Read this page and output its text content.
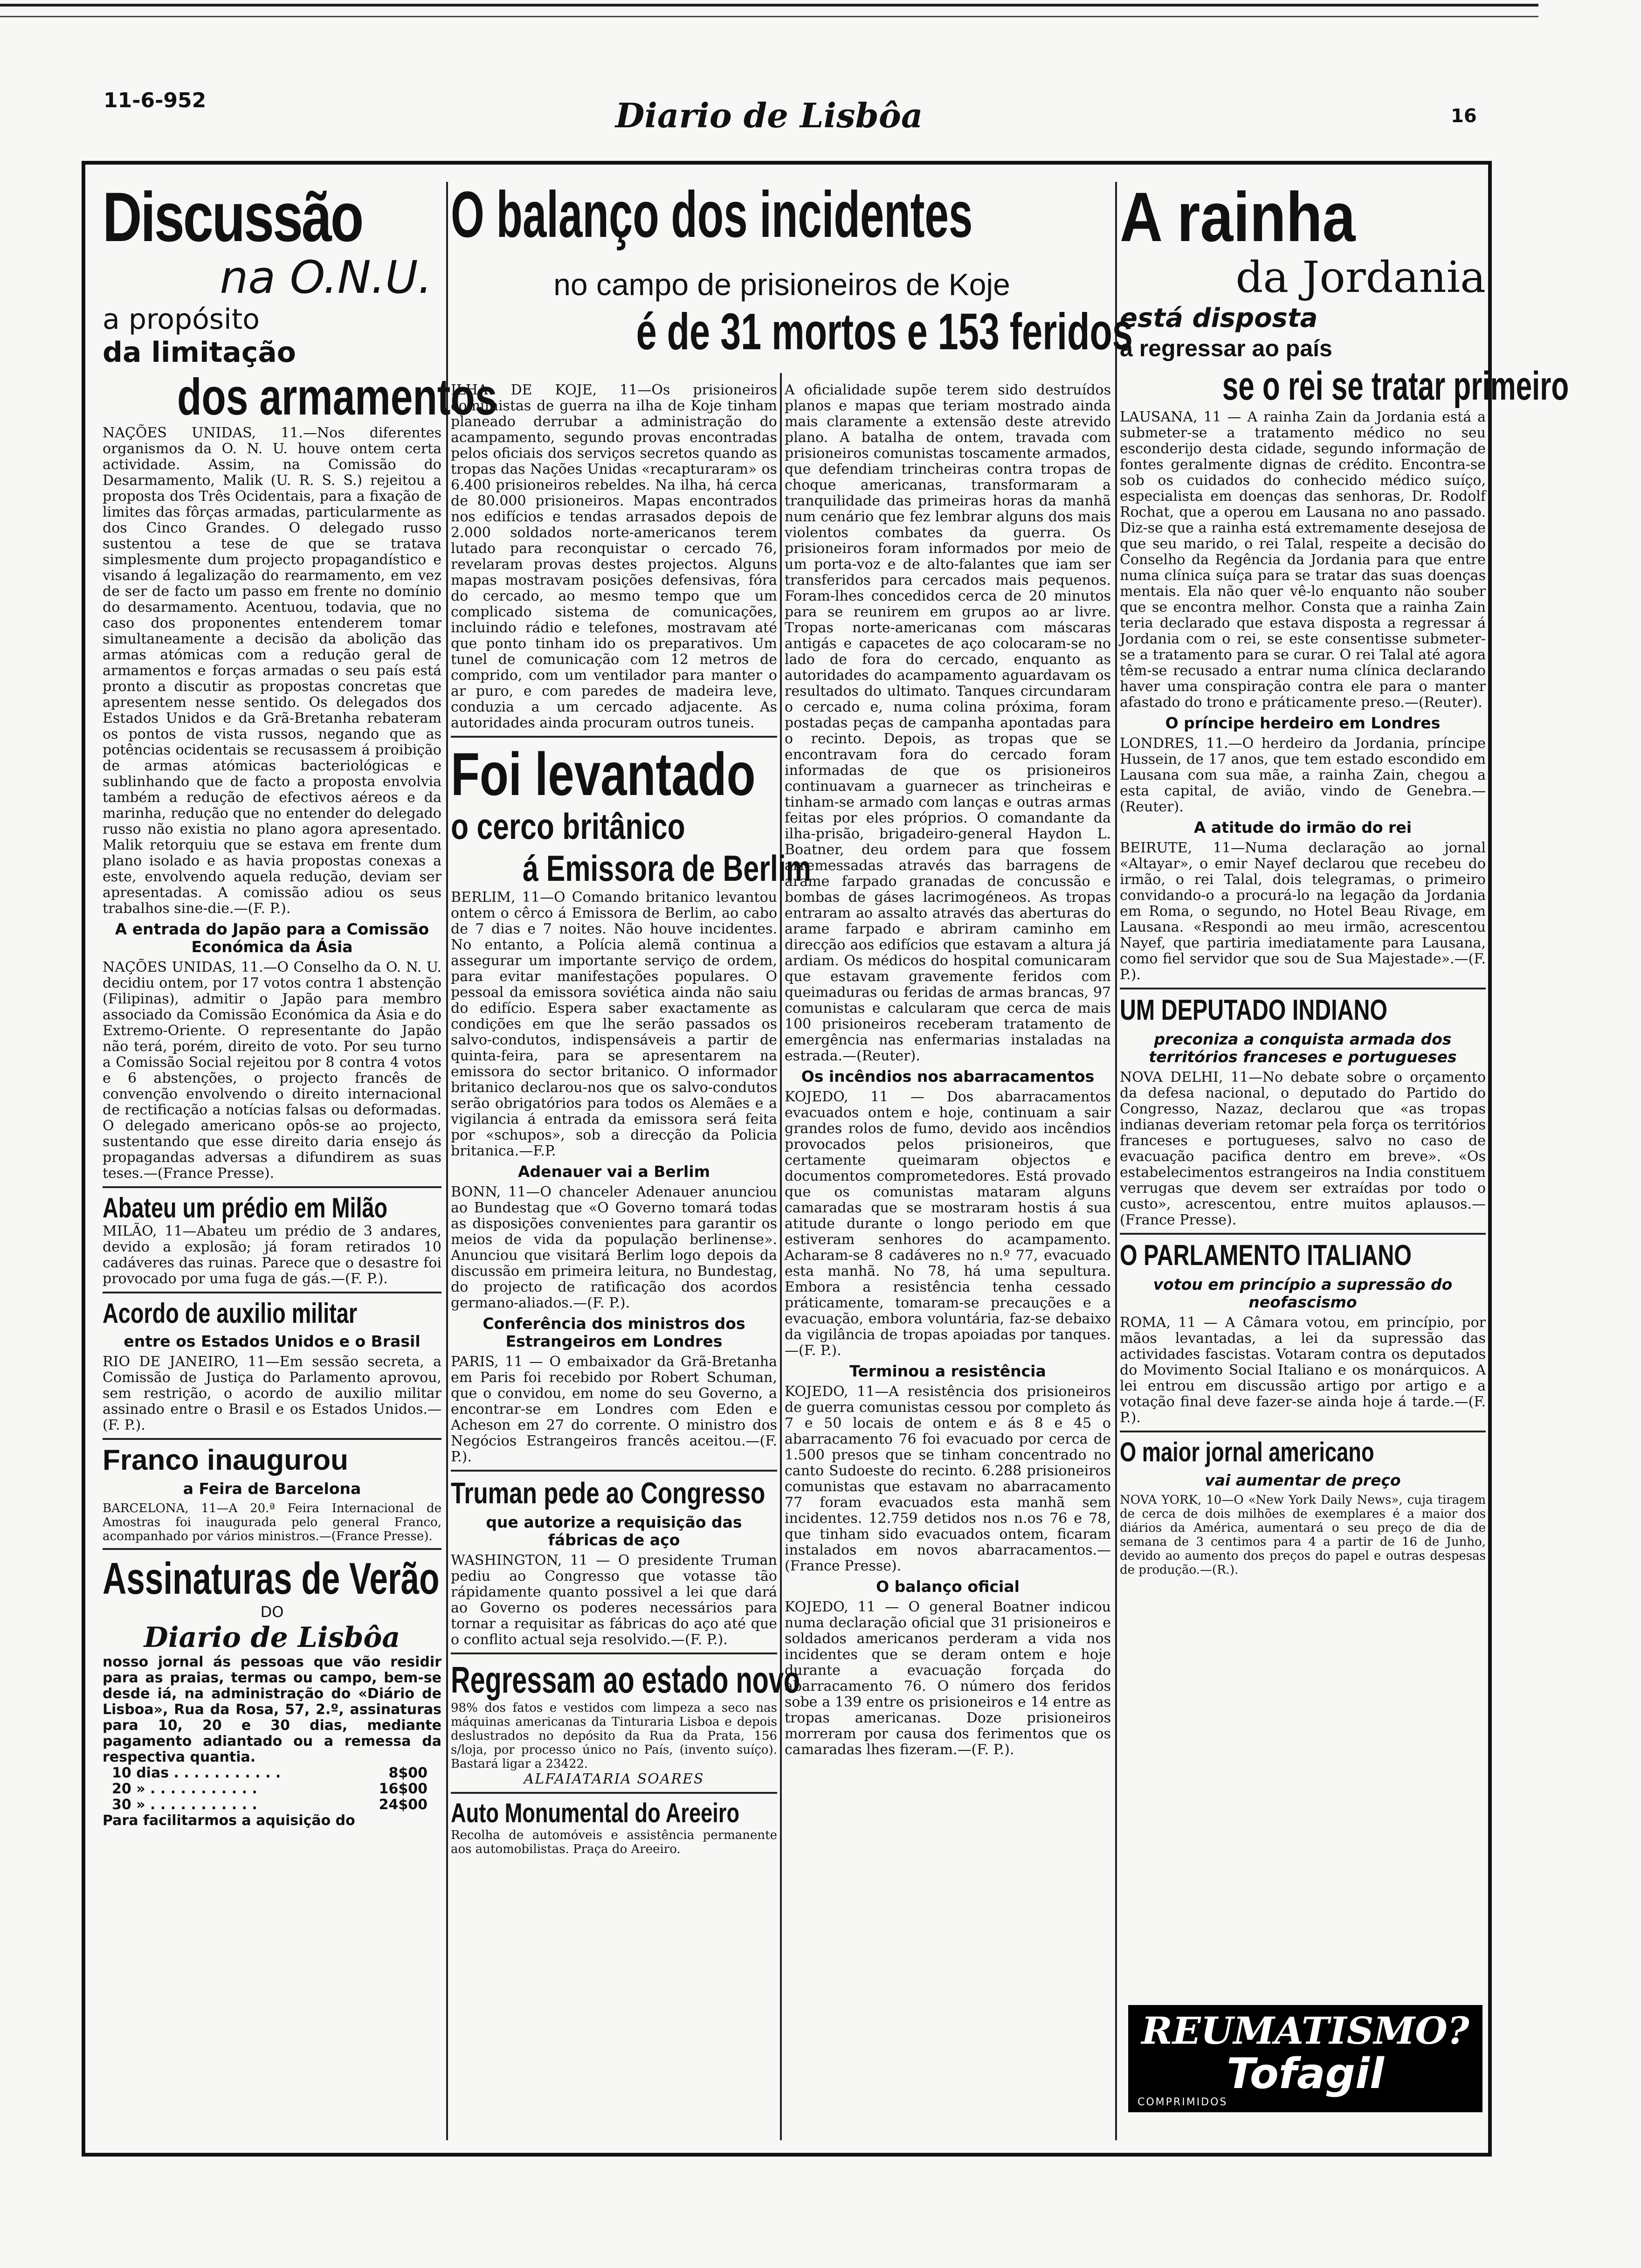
11-6-952	Diario de Lisbôa	16
Discussão
na O.N.U.
a propósito
da limitação
dos armamentos

NAÇÕES UNIDAS, 11.—Nos diferentes organismos da O. N. U. houve ontem certa actividade. Assim, na Comissão do Desarmamento, Malik (U. R. S. S.) rejeitou a proposta dos Três Ocidentais, para a fixação de limites das fôrças armadas, particularmente as dos Cinco Grandes. O delegado russo sustentou a tese de que se tratava simplesmente dum projecto propagandístico e visando á legalização do rearmamento, em vez de ser de facto um passo em frente no domínio do desarmamento. Acentuou, todavia, que no caso dos proponentes entenderem tomar simultaneamente a decisão da abolição das armas atómicas com a redução geral de armamentos e forças armadas o seu país está pronto a discutir as propostas concretas que apresentem nesse sentido. Os delegados dos Estados Unidos e da Grã-Bretanha rebateram os pontos de vista russos, negando que as potências ocidentais se recusassem á proibição de armas atómicas bacteriológicas e sublinhando que de facto a proposta envolvia também a redução de efectivos aéreos e da marinha, redução que no entender do delegado russo não existia no plano agora apresentado. Malik retorquiu que se estava em frente dum plano isolado e as havia propostas conexas a este, envolvendo aquela redução, deviam ser apresentadas. A comissão adiou os seus trabalhos sine-die.—(F. P.).

A entrada do Japão para a Comissão Económica da Ásia

NAÇÕES UNIDAS, 11.—O Conselho da O. N. U. decidiu ontem, por 17 votos contra 1 abstenção (Filipinas), admitir o Japão para membro associado da Comissão Económica da Ásia e do Extremo-Oriente. O representante do Japão não terá, porém, direito de voto. Por seu turno a Comissão Social rejeitou por 8 contra 4 votos e 6 abstenções, o projecto francês de convenção envolvendo o direito internacional de rectificação a notícias falsas ou deformadas. O delegado americano opôs-se ao projecto, sustentando que esse direito daria ensejo ás propagandas adversas a difundirem as suas teses.—(France Presse).

Abateu um prédio em Milão

MILÃO, 11—Abateu um prédio de 3 andares, devido a explosão; já foram retirados 10 cadáveres das ruinas. Parece que o desastre foi provocado por uma fuga de gás.—(F. P.).

Acordo de auxilio militar
entre os Estados Unidos e o Brasil

RIO DE JANEIRO, 11—Em sessão secreta, a Comissão de Justiça do Parlamento aprovou, sem restrição, o acordo de auxilio militar assinado entre o Brasil e os Estados Unidos.—(F. P.).

Franco inaugurou
a Feira de Barcelona

BARCELONA, 11—A 20.ª Feira Internacional de Amostras foi inaugurada pelo general Franco, acompanhado por vários ministros.—(France Presse).

Assinaturas de Verão
DO
Diario de Lisbôa

nosso jornal ás pessoas que vão residir para as praias, termas ou campo, bem-se desde iá, na administração do «Diário de Lisboa», Rua da Rosa, 57, 2.º, assinaturas para 10, 20 e 30 dias, mediante pagamento adiantado ou a remessa da respectiva quantia.

10 dias . . . . . . . . . . .	8$00
20 » . . . . . . . . . . .	16$00
30 » . . . . . . . . . . .	24$00
Para facilitarmos a aquisição do
O balanço dos incidentes
no campo de prisioneiros de Koje
é de 31 mortos e 153 feridos

ILHA DE KOJE, 11—Os prisioneiros comunistas de guerra na ilha de Koje tinham planeado derrubar a administração do acampamento, segundo provas encontradas pelos oficiais dos serviços secretos quando as tropas das Nações Unidas «recapturaram» os 6.400 prisioneiros rebeldes. Na ilha, há cerca de 80.000 prisioneiros. Mapas encontrados nos edifícios e tendas arrasados depois de 2.000 soldados norte-americanos terem lutado para reconquistar o cercado 76, revelaram provas destes projectos. Alguns mapas mostravam posições defensivas, fóra do cercado, ao mesmo tempo que um complicado sistema de comunicações, incluindo rádio e telefones, mostravam até que ponto tinham ido os preparativos. Um tunel de comunicação com 12 metros de comprido, com um ventilador para manter o ar puro, e com paredes de madeira leve, conduzia a um cercado adjacente. As autoridades ainda procuram outros tuneis.

Foi levantado
o cerco britânico
á Emissora de Berlim

BERLIM, 11—O Comando britanico levantou ontem o cêrco á Emissora de Berlim, ao cabo de 7 dias e 7 noites. Não houve incidentes. No entanto, a Polícia alemã continua a assegurar um importante serviço de ordem, para evitar manifestações populares. O pessoal da emissora soviética ainda não saiu do edifício. Espera saber exactamente as condições em que lhe serão passados os salvo-condutos, indispensáveis a partir de quinta-feira, para se apresentarem na emissora do sector britanico. O informador britanico declarou-nos que os salvo-condutos serão obrigatórios para todos os Alemães e a vigilancia á entrada da emissora será feita por «schupos», sob a direcção da Policia britanica.—F.P.

Adenauer vai a Berlim

BONN, 11—O chanceler Adenauer anunciou ao Bundestag que «O Governo tomará todas as disposições convenientes para garantir os meios de vida da população berlinense». Anunciou que visitará Berlim logo depois da discussão em primeira leitura, no Bundestag, do projecto de ratificação dos acordos germano-aliados.—(F. P.).

Conferência dos ministros dos Estrangeiros em Londres

PARIS, 11 — O embaixador da Grã-Bretanha em Paris foi recebido por Robert Schuman, que o convidou, em nome do seu Governo, a encontrar-se em Londres com Eden e Acheson em 27 do corrente. O ministro dos Negócios Estrangeiros francês aceitou.—(F. P.).

Truman pede ao Congresso
que autorize a requisição das fábricas de aço

WASHINGTON, 11 — O presidente Truman pediu ao Congresso que votasse tão rápidamente quanto possivel a lei que dará ao Governo os poderes necessários para tornar a requisitar as fábricas do aço até que o conflito actual seja resolvido.—(F. P.).

Regressam ao estado novo

98% dos fatos e vestidos com limpeza a seco nas máquinas americanas da Tinturaria Lisboa e depois deslustrados no depósito da Rua da Prata, 156 s/loja, por processo único no País, (invento suíço). Bastará ligar a 23422.

ALFAIATARIA SOARES
Auto Monumental do Areeiro

Recolha de automóveis e assistência permanente aos automobilistas. Praça do Areeiro.

A oficialidade supõe terem sido destruídos planos e mapas que teriam mostrado ainda mais claramente a extensão deste atrevido plano. A batalha de ontem, travada com prisioneiros comunistas toscamente armados, que defendiam trincheiras contra tropas de choque americanas, transformaram a tranquilidade das primeiras horas da manhã num cenário que fez lembrar alguns dos mais violentos combates da guerra. Os prisioneiros foram informados por meio de um porta-voz e de alto-falantes que iam ser transferidos para cercados mais pequenos. Foram-lhes concedidos cerca de 20 minutos para se reunirem em grupos ao ar livre. Tropas norte-americanas com máscaras antigás e capacetes de aço colocaram-se no lado de fora do cercado, enquanto as autoridades do acampamento aguardavam os resultados do ultimato. Tanques circundaram o cercado e, numa colina próxima, foram postadas peças de campanha apontadas para o recinto. Depois, as tropas que se encontravam fora do cercado foram informadas de que os prisioneiros continuavam a guarnecer as trincheiras e tinham-se armado com lanças e outras armas feitas por eles próprios. O comandante da ilha-prisão, brigadeiro-general Haydon L. Boatner, deu ordem para que fossem arremessadas através das barragens de arame farpado granadas de concussão e bombas de gáses lacrimogéneos. As tropas entraram ao assalto através das aberturas do arame farpado e abriram caminho em direcção aos edifícios que estavam a altura já ardiam. Os médicos do hospital comunicaram que estavam gravemente feridos com queimaduras ou feridas de armas brancas, 97 comunistas e calcularam que cerca de mais 100 prisioneiros receberam tratamento de emergência nas enfermarias instaladas na estrada.—(Reuter).

Os incêndios nos abarracamentos

KOJEDO, 11 — Dos abarracamentos evacuados ontem e hoje, continuam a sair grandes rolos de fumo, devido aos incêndios provocados pelos prisioneiros, que certamente queimaram objectos e documentos comprometedores. Está provado que os comunistas mataram alguns camaradas que se mostraram hostis á sua atitude durante o longo periodo em que estiveram senhores do acampamento. Acharam-se 8 cadáveres no n.º 77, evacuado esta manhã. No 78, há uma sepultura. Embora a resistência tenha cessado práticamente, tomaram-se precauções e a evacuação, embora voluntária, faz-se debaixo da vigilância de tropas apoiadas por tanques.—(F. P.).

Terminou a resistência

KOJEDO, 11—A resistência dos prisioneiros de guerra comunistas cessou por completo ás 7 e 50 locais de ontem e ás 8 e 45 o abarracamento 76 foi evacuado por cerca de 1.500 presos que se tinham concentrado no canto Sudoeste do recinto. 6.288 prisioneiros comunistas que estavam no abarracamento 77 foram evacuados esta manhã sem incidentes. 12.759 detidos nos n.os 76 e 78, que tinham sido evacuados ontem, ficaram instalados em novos abarracamentos.—(France Presse).

O balanço oficial

KOJEDO, 11 — O general Boatner indicou numa declaração oficial que 31 prisioneiros e soldados americanos perderam a vida nos incidentes que se deram ontem e hoje durante a evacuação forçada do abarracamento 76. O número dos feridos sobe a 139 entre os prisioneiros e 14 entre as tropas americanas. Doze prisioneiros morreram por causa dos ferimentos que os camaradas lhes fizeram.—(F. P.).

A rainha
da Jordania
está disposta
a regressar ao país
se o rei se tratar primeiro

LAUSANA, 11 — A rainha Zain da Jordania está a submeter-se a tratamento médico no seu esconderijo desta cidade, segundo informação de fontes geralmente dignas de crédito. Encontra-se sob os cuidados do conhecido médico suíço, especialista em doenças das senhoras, Dr. Rodolf Rochat, que a operou em Lausana no ano passado. Diz-se que a rainha está extremamente desejosa de que seu marido, o rei Talal, respeite a decisão do Conselho da Regência da Jordania para que entre numa clínica suíça para se tratar das suas doenças mentais. Ela não quer vê-lo enquanto não souber que se encontra melhor. Consta que a rainha Zain teria declarado que estava disposta a regressar á Jordania com o rei, se este consentisse submeter-se a tratamento para se curar. O rei Talal até agora têm-se recusado a entrar numa clínica declarando haver uma conspiração contra ele para o manter afastado do trono e práticamente preso.—(Reuter).

O príncipe herdeiro em Londres

LONDRES, 11.—O herdeiro da Jordania, príncipe Hussein, de 17 anos, que tem estado escondido em Lausana com sua mãe, a rainha Zain, chegou a esta capital, de avião, vindo de Genebra.—(Reuter).

A atitude do irmão do rei

BEIRUTE, 11—Numa declaração ao jornal «Altayar», o emir Nayef declarou que recebeu do irmão, o rei Talal, dois telegramas, o primeiro convidando-o a procurá-lo na legação da Jordania em Roma, o segundo, no Hotel Beau Rivage, em Lausana. «Respondi ao meu irmão, acrescentou Nayef, que partiria imediatamente para Lausana, como fiel servidor que sou de Sua Majestade».—(F. P.).

UM DEPUTADO INDIANO
preconiza a conquista armada dos territórios franceses e portugueses

NOVA DELHI, 11—No debate sobre o orçamento da defesa nacional, o deputado do Partido do Congresso, Nazaz, declarou que «as tropas indianas deveriam retomar pela força os territórios franceses e portugueses, salvo no caso de evacuação pacifica dentro em breve». «Os estabelecimentos estrangeiros na India constituem verrugas que devem ser extraídas por todo o custo», acrescentou, entre muitos aplausos.—(France Presse).

O PARLAMENTO ITALIANO
votou em princípio a supressão do neofascismo

ROMA, 11 — A Câmara votou, em princípio, por mãos levantadas, a lei da supressão das actividades fascistas. Votaram contra os deputados do Movimento Social Italiano e os monárquicos. A lei entrou em discussão artigo por artigo e a votação final deve fazer-se ainda hoje á tarde.—(F. P.).

O maior jornal americano
vai aumentar de preço

NOVA YORK, 10—O «New York Daily News», cuja tiragem de cerca de dois milhões de exemplares é a maior dos diários da América, aumentará o seu preço de dia de semana de 3 centimos para 4 a partir de 16 de Junho, devido ao aumento dos preços do papel e outras despesas de produção.—(R.).

REUMATISMO?
Tofagil
COMPRIMIDOS
